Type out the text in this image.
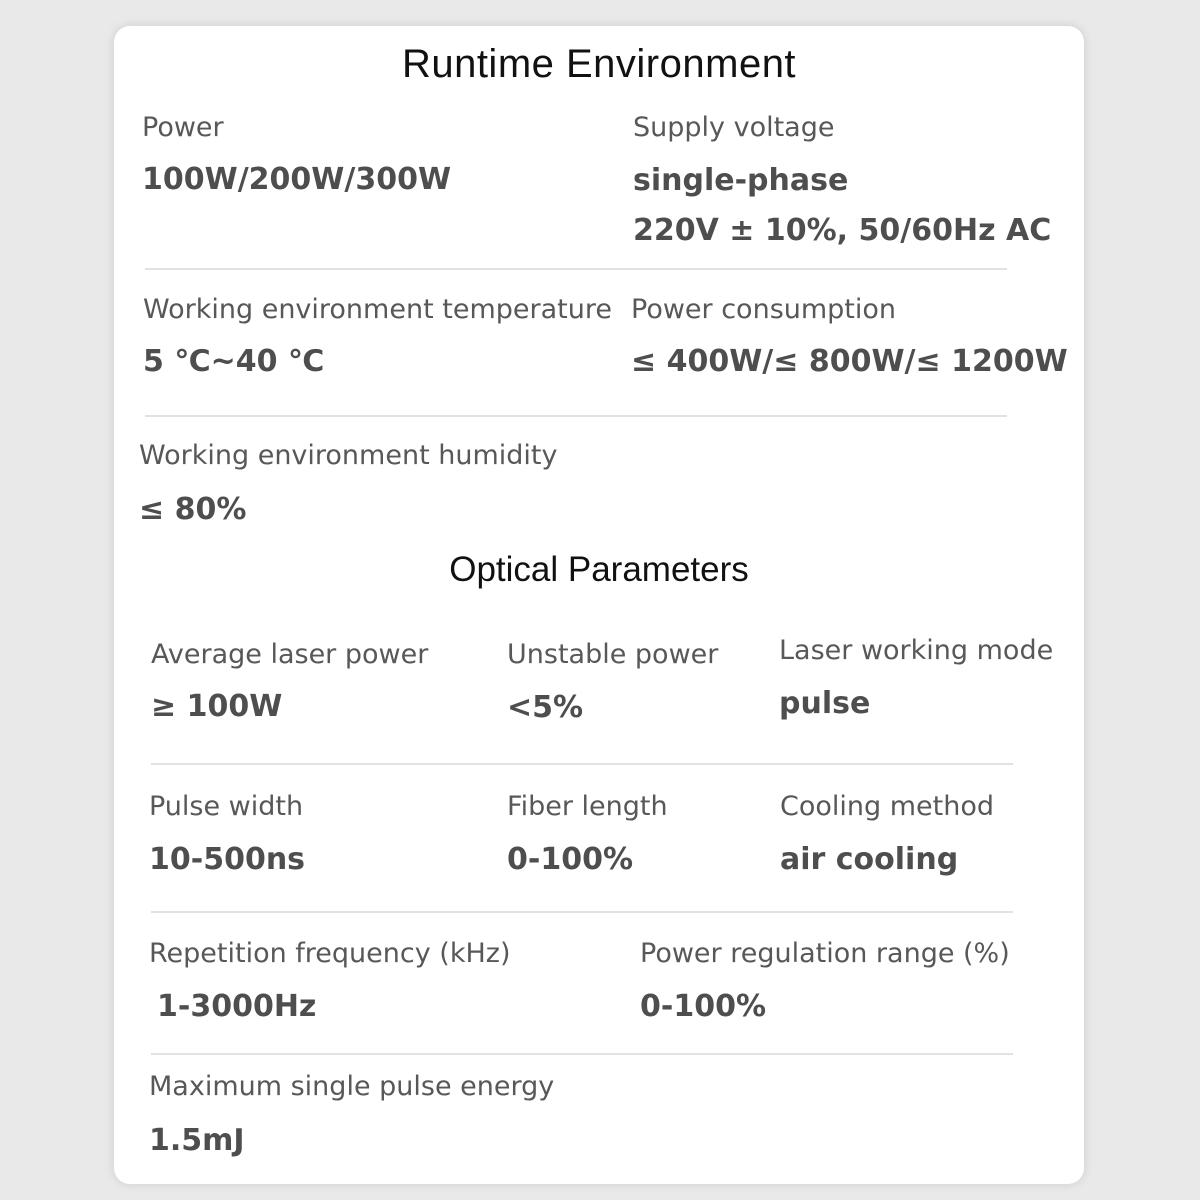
Runtime Environment
Power
100W/200W/300W
Supply voltage
single-phase
220V ± 10%, 50/60Hz AC
Working environment temperature
5 ℃~40 ℃
Power consumption
≤ 400W/≤ 800W/≤ 1200W
Working environment humidity
≤ 80%
Optical Parameters
Average laser power
≥ 100W
Unstable power
<5%
Laser working mode
pulse
Pulse width
10-500ns
Fiber length
0-100%
Cooling method
air cooling
Repetition frequency (kHz)
1-3000Hz
Power regulation range (%)
0-100%
Maximum single pulse energy
1.5mJ
